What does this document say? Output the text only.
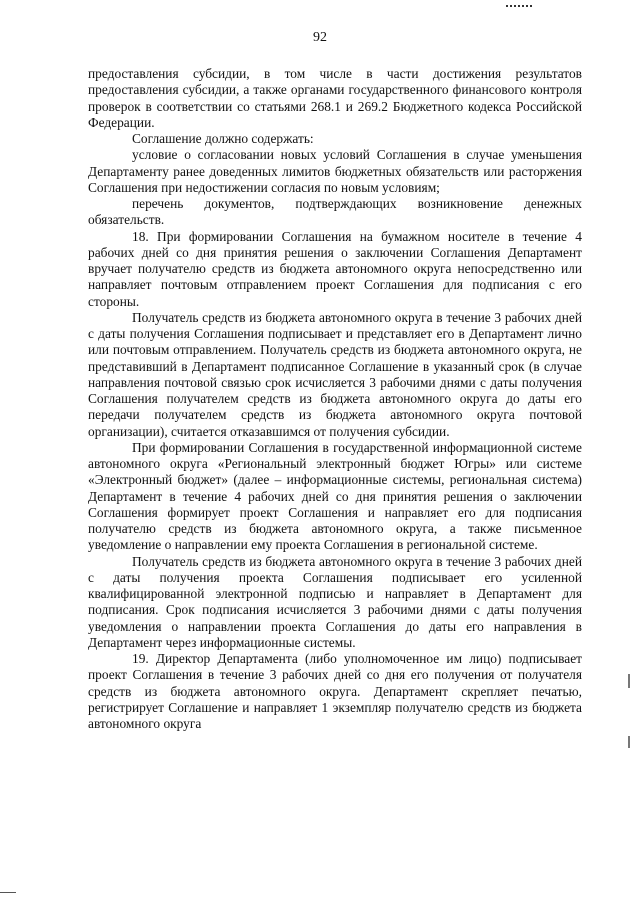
92

предоставления субсидии, в том числе в части достижения результатов предоставления субсидии, а также органами государственного финансового контроля проверок в соответствии со статьями 268.1 и 269.2 Бюджетного кодекса Российской Федерации.

Соглашение должно содержать:

условие о согласовании новых условий Соглашения в случае уменьшения Департаменту ранее доведенных лимитов бюджетных обязательств или расторжения Соглашения при недостижении согласия по новым условиям;

перечень документов, подтверждающих возникновение денежных обязательств.

18. При формировании Соглашения на бумажном носителе в течение 4 рабочих дней со дня принятия решения о заключении Соглашения Департамент вручает получателю средств из бюджета автономного округа непосредственно или направляет почтовым отправлением проект Соглашения для подписания с его стороны.

Получатель средств из бюджета автономного округа в течение 3 рабочих дней с даты получения Соглашения подписывает и представляет его в Департамент лично или почтовым отправлением. Получатель средств из бюджета автономного округа, не представивший в Департамент подписанное Соглашение в указанный срок (в случае направления почтовой связью срок исчисляется 3 рабочими днями с даты получения Соглашения получателем средств из бюджета автономного округа до даты его передачи получателем средств из бюджета автономного округа почтовой организации), считается отказавшимся от получения субсидии.

При формировании Соглашения в государственной информационной системе автономного округа «Региональный электронный бюджет Югры» или системе «Электронный бюджет» (далее – информационные системы, региональная система) Департамент в течение 4 рабочих дней со дня принятия решения о заключении Соглашения формирует проект Соглашения и направляет его для подписания получателю средств из бюджета автономного округа, а также письменное уведомление о направлении ему проекта Соглашения в региональной системе.

Получатель средств из бюджета автономного округа в течение 3 рабочих дней с даты получения проекта Соглашения подписывает его усиленной квалифицированной электронной подписью и направляет в Департамент для подписания. Срок подписания исчисляется 3 рабочими днями с даты получения уведомления о направлении проекта Соглашения до даты его направления в Департамент через информационные системы.

19. Директор Департамента (либо уполномоченное им лицо) подписывает проект Соглашения в течение 3 рабочих дней со дня его получения от получателя средств из бюджета автономного округа. Департамент скрепляет печатью, регистрирует Соглашение и направляет 1 экземпляр получателю средств из бюджета автономного округа
